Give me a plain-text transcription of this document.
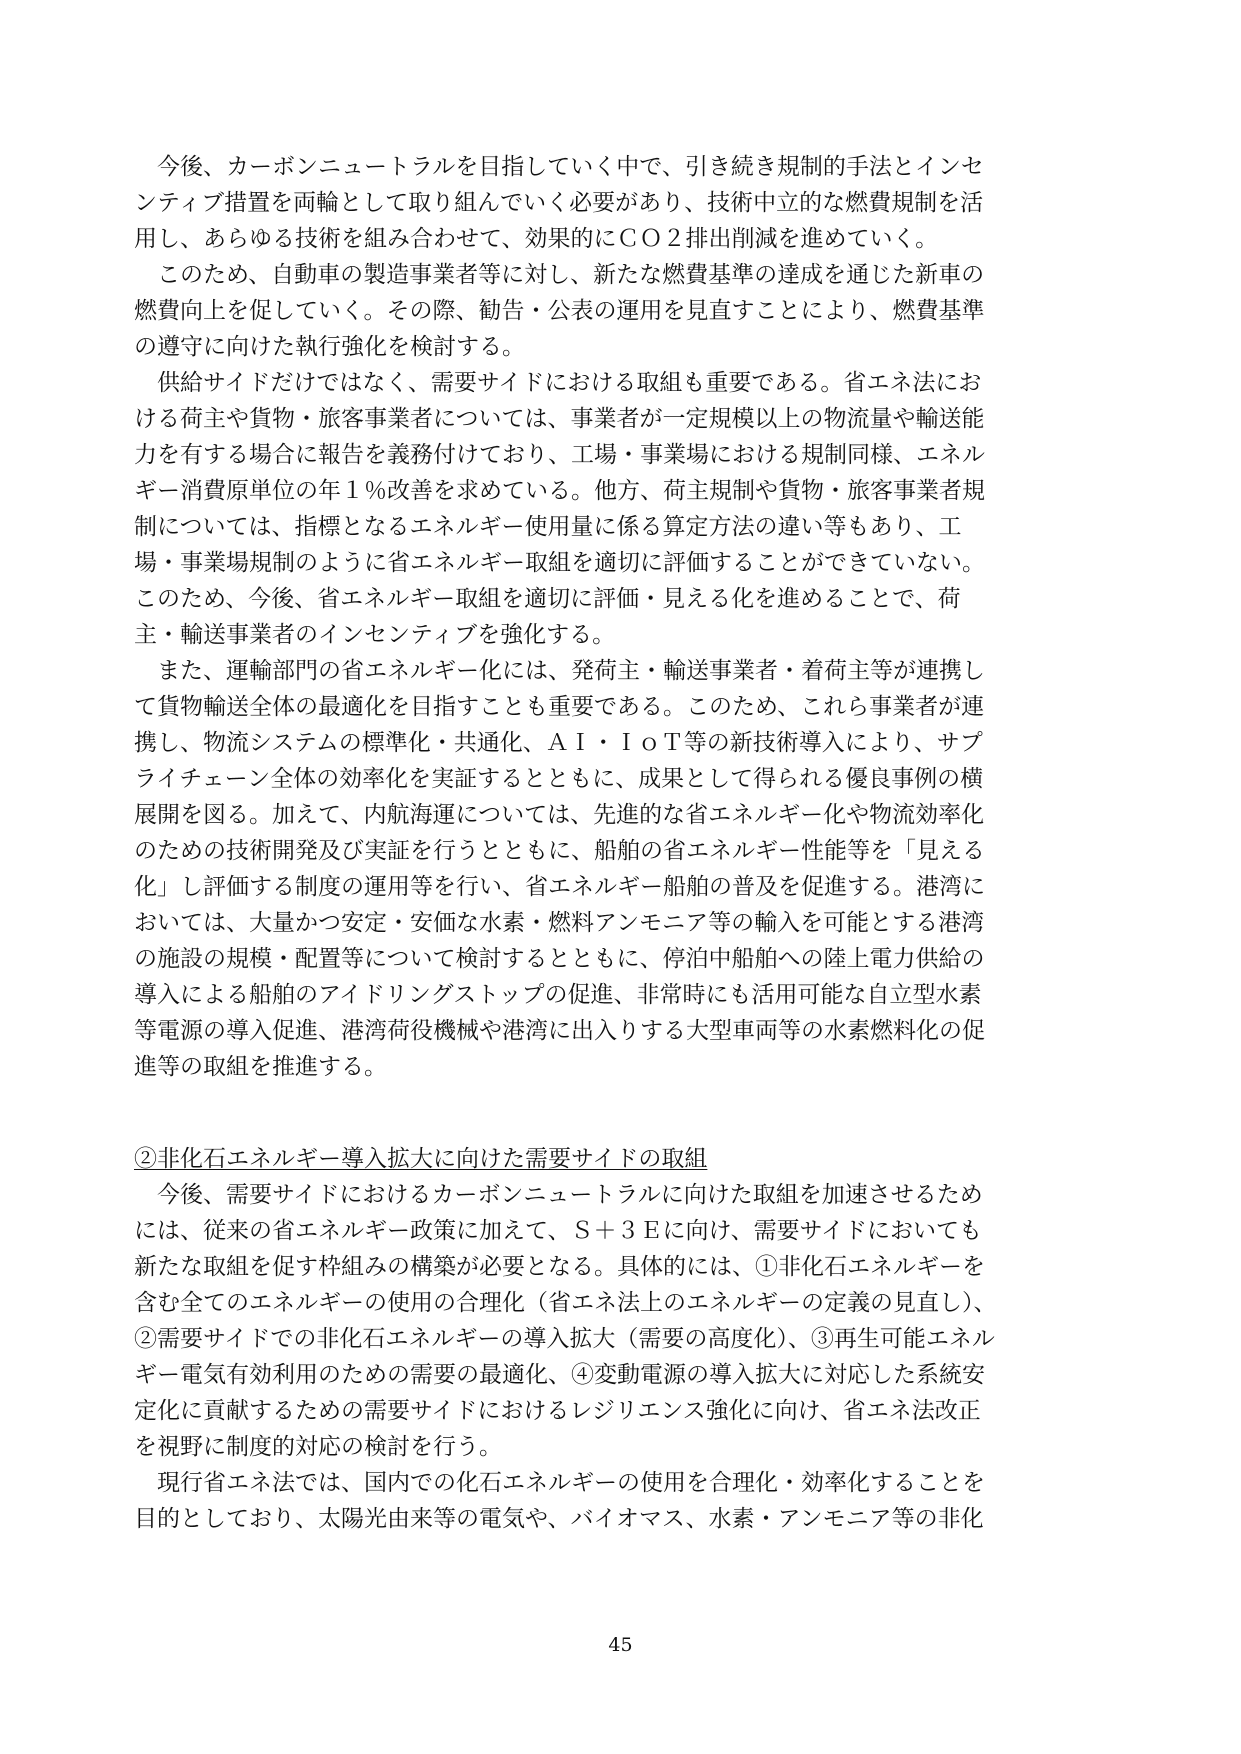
　今後、カーボンニュートラルを目指していく中で、引き続き規制的手法とインセ

ンティブ措置を両輪として取り組んでいく必要があり、技術中立的な燃費規制を活

用し、あらゆる技術を組み合わせて、効果的にＣＯ２排出削減を進めていく。

　このため、自動車の製造事業者等に対し、新たな燃費基準の達成を通じた新車の

燃費向上を促していく。その際、勧告・公表の運用を見直すことにより、燃費基準

の遵守に向けた執行強化を検討する。

　供給サイドだけではなく、需要サイドにおける取組も重要である。省エネ法にお

ける荷主や貨物・旅客事業者については、事業者が一定規模以上の物流量や輸送能

力を有する場合に報告を義務付けており、工場・事業場における規制同様、エネル

ギー消費原単位の年１％改善を求めている。他方、荷主規制や貨物・旅客事業者規

制については、指標となるエネルギー使用量に係る算定方法の違い等もあり、工

場・事業場規制のように省エネルギー取組を適切に評価することができていない。

このため、今後、省エネルギー取組を適切に評価・見える化を進めることで、荷

主・輸送事業者のインセンティブを強化する。

　また、運輸部門の省エネルギー化には、発荷主・輸送事業者・着荷主等が連携し

て貨物輸送全体の最適化を目指すことも重要である。このため、これら事業者が連

携し、物流システムの標準化・共通化、ＡＩ・ＩｏＴ等の新技術導入により、サプ

ライチェーン全体の効率化を実証するとともに、成果として得られる優良事例の横

展開を図る。加えて、内航海運については、先進的な省エネルギー化や物流効率化

のための技術開発及び実証を行うとともに、船舶の省エネルギー性能等を「見える

化」し評価する制度の運用等を行い、省エネルギー船舶の普及を促進する。港湾に

おいては、大量かつ安定・安価な水素・燃料アンモニア等の輸入を可能とする港湾

の施設の規模・配置等について検討するとともに、停泊中船舶への陸上電力供給の

導入による船舶のアイドリングストップの促進、非常時にも活用可能な自立型水素

等電源の導入促進、港湾荷役機械や港湾に出入りする大型車両等の水素燃料化の促

進等の取組を推進する。

②非化石エネルギー導入拡大に向けた需要サイドの取組

　今後、需要サイドにおけるカーボンニュートラルに向けた取組を加速させるため

には、従来の省エネルギー政策に加えて、Ｓ＋３Ｅに向け、需要サイドにおいても

新たな取組を促す枠組みの構築が必要となる。具体的には、①非化石エネルギーを

含む全てのエネルギーの使用の合理化（省エネ法上のエネルギーの定義の見直し）、

②需要サイドでの非化石エネルギーの導入拡大（需要の高度化）、③再生可能エネル

ギー電気有効利用のための需要の最適化、④変動電源の導入拡大に対応した系統安

定化に貢献するための需要サイドにおけるレジリエンス強化に向け、省エネ法改正

を視野に制度的対応の検討を行う。

　現行省エネ法では、国内での化石エネルギーの使用を合理化・効率化することを

目的としており、太陽光由来等の電気や、バイオマス、水素・アンモニア等の非化

45
